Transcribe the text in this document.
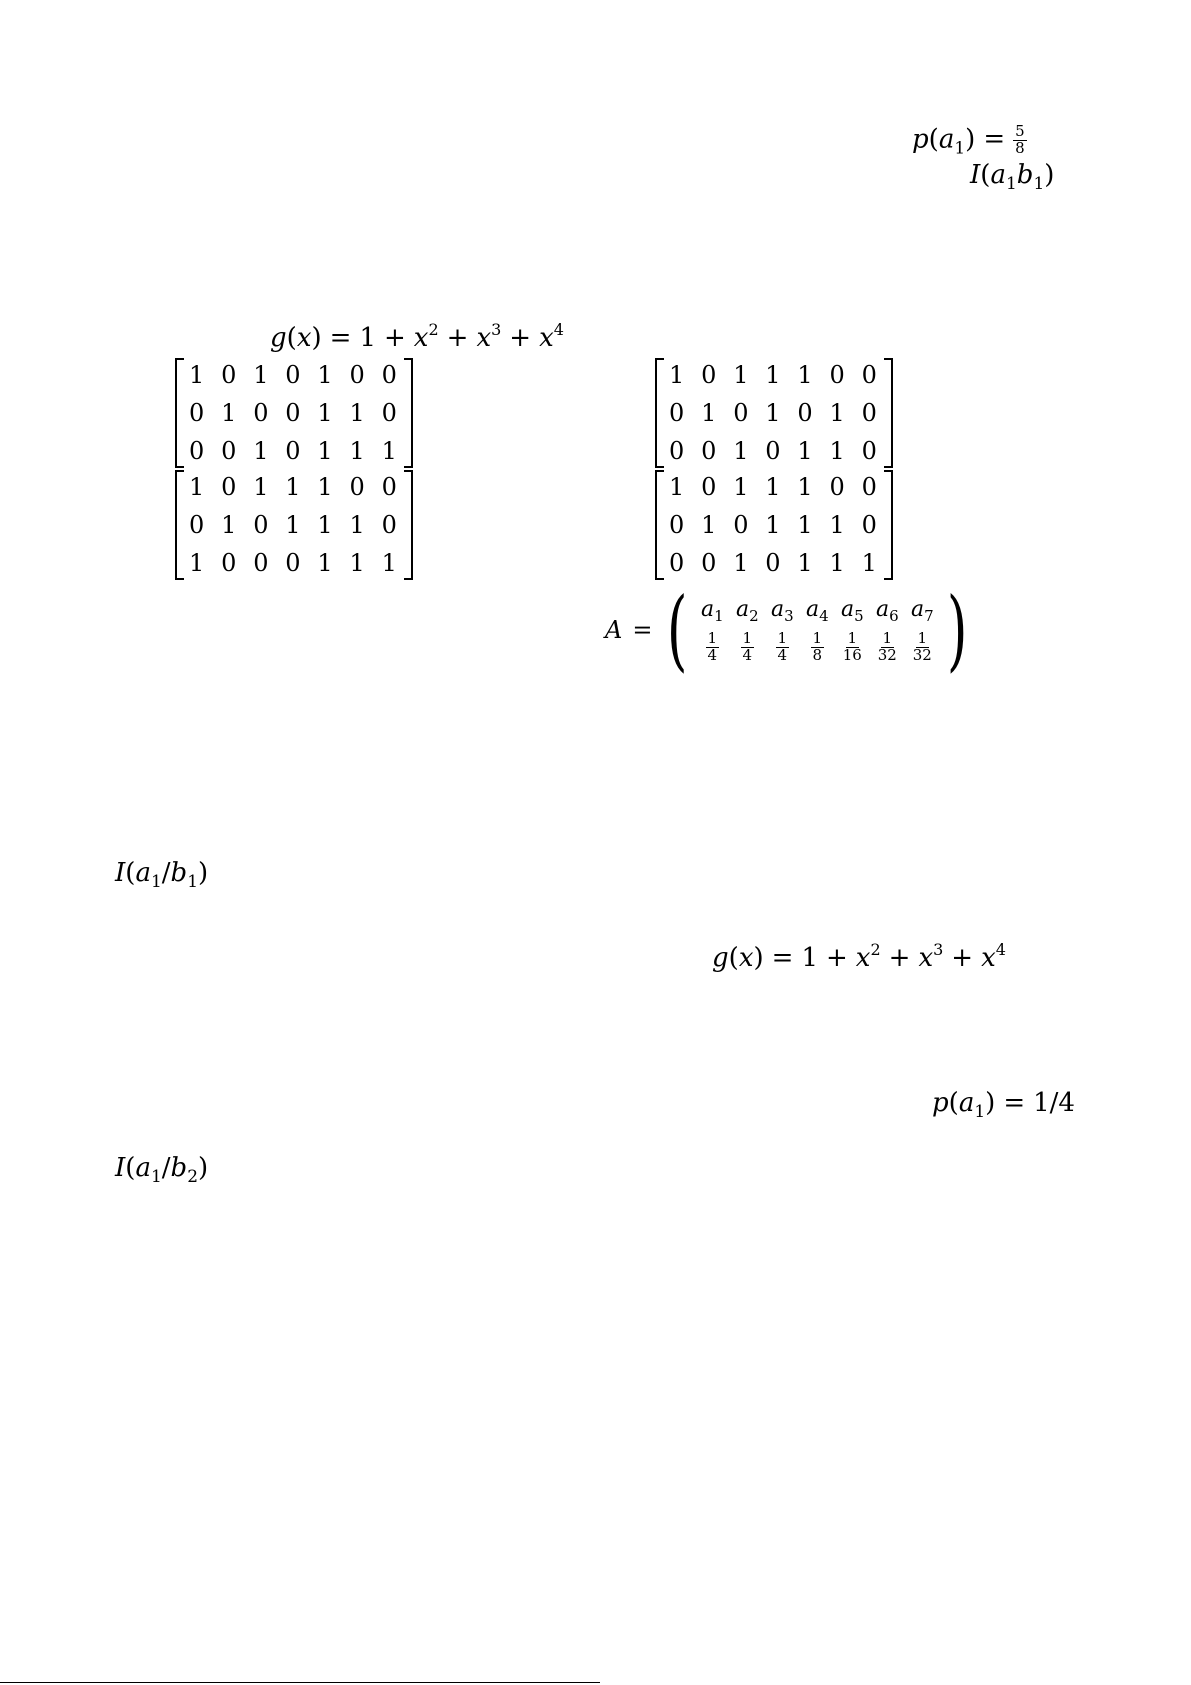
$p(a_1) = \frac{5}{8}$
$I(a_1b_1)$
$g(x) = 1 + x^2 + x^3 + x^4$
1 0 1 0 1 0 0
0 1 0 0 1 1 0
0 0 1 0 1 1 1
1 0 1 1 1 0 0
0 1 0 1 0 1 0
0 0 1 0 1 1 0
1 0 1 1 1 0 0
0 1 0 1 1 1 0
1 0 0 0 1 1 1
1 0 1 1 1 0 0
0 1 0 1 1 1 0
0 0 1 0 1 1 1
A = ( $a_1$ $a_2$ $a_3$ $a_4$ $a_5$ $a_6$ $a_7$
$\frac{1}{4} \frac{1}{4} \frac{1}{4} \frac{1}{8} \frac{1}{16} \frac{1}{32} \frac{1}{32}$ )
$I(a_1/b_1)$
$g(x) = 1 + x^2 + x^3 + x^4$
$p(a_1) = 1/4$
$I(a_1/b_2)$
